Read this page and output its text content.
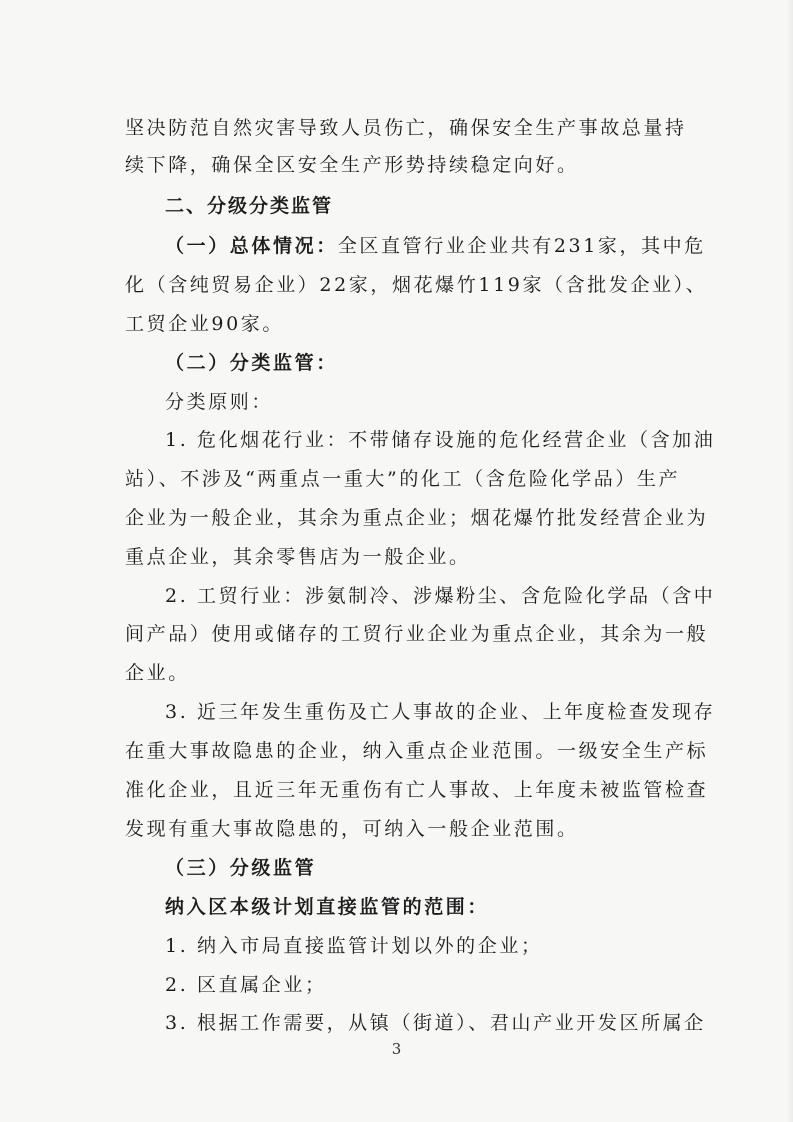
坚决防范自然灾害导致人员伤亡，确保安全生产事故总量持
续下降，确保全区安全生产形势持续稳定向好。
二、分级分类监管
（一）总体情况：全区直管行业企业共有231家，其中危
化（含纯贸易企业）22家，烟花爆竹119家（含批发企业）、
工贸企业90家。
（二）分类监管：
分类原则：
1. 危化烟花行业：不带储存设施的危化经营企业（含加油
站）、不涉及“两重点一重大”的化工（含危险化学品）生产
企业为一般企业，其余为重点企业；烟花爆竹批发经营企业为
重点企业，其余零售店为一般企业。
2. 工贸行业：涉氨制冷、涉爆粉尘、含危险化学品（含中
间产品）使用或储存的工贸行业企业为重点企业，其余为一般
企业。
3. 近三年发生重伤及亡人事故的企业、上年度检查发现存
在重大事故隐患的企业，纳入重点企业范围。一级安全生产标
准化企业，且近三年无重伤有亡人事故、上年度未被监管检查
发现有重大事故隐患的，可纳入一般企业范围。
（三）分级监管
纳入区本级计划直接监管的范围：
1. 纳入市局直接监管计划以外的企业；
2. 区直属企业；
3. 根据工作需要，从镇（街道）、君山产业开发区所属企
3
